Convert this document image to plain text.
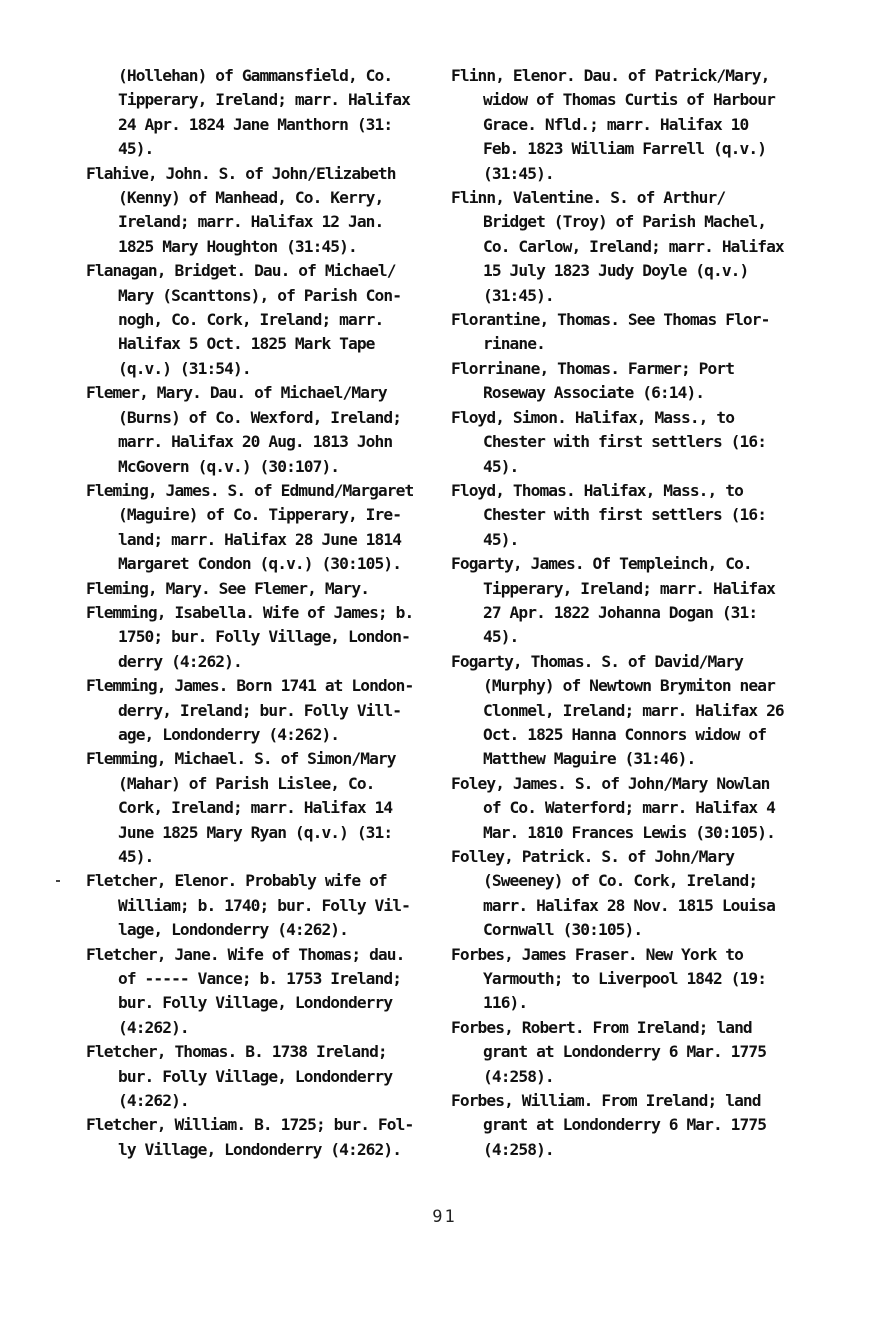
(Hollehan) of Gammansfield, Co.
Tipperary, Ireland; marr. Halifax
24 Apr. 1824 Jane Manthorn (31:
45).

Flahive, John. S. of John/Elizabeth
(Kenny) of Manhead, Co. Kerry,
Ireland; marr. Halifax 12 Jan.
1825 Mary Houghton (31:45).

Flanagan, Bridget. Dau. of Michael/
Mary (Scanttons), of Parish Con-
nogh, Co. Cork, Ireland; marr.
Halifax 5 Oct. 1825 Mark Tape
(q.v.) (31:54).

Flemer, Mary. Dau. of Michael/Mary
(Burns) of Co. Wexford, Ireland;
marr. Halifax 20 Aug. 1813 John
McGovern (q.v.) (30:107).

Fleming, James. S. of Edmund/Margaret
(Maguire) of Co. Tipperary, Ire-
land; marr. Halifax 28 June 1814
Margaret Condon (q.v.) (30:105).

Fleming, Mary. See Flemer, Mary.

Flemming, Isabella. Wife of James; b.
1750; bur. Folly Village, London-
derry (4:262).

Flemming, James. Born 1741 at London-
derry, Ireland; bur. Folly Vill-
age, Londonderry (4:262).

Flemming, Michael. S. of Simon/Mary
(Mahar) of Parish Lislee, Co.
Cork, Ireland; marr. Halifax 14
June 1825 Mary Ryan (q.v.) (31:
45).

Fletcher, Elenor. Probably wife of
William; b. 1740; bur. Folly Vil-
lage, Londonderry (4:262).

Fletcher, Jane. Wife of Thomas; dau.
of ----- Vance; b. 1753 Ireland;
bur. Folly Village, Londonderry
(4:262).

Fletcher, Thomas. B. 1738 Ireland;
bur. Folly Village, Londonderry
(4:262).

Fletcher, William. B. 1725; bur. Fol-
ly Village, Londonderry (4:262).

Flinn, Elenor. Dau. of Patrick/Mary,
widow of Thomas Curtis of Harbour
Grace. Nfld.; marr. Halifax 10
Feb. 1823 William Farrell (q.v.)
(31:45).

Flinn, Valentine. S. of Arthur/
Bridget (Troy) of Parish Machel,
Co. Carlow, Ireland; marr. Halifax
15 July 1823 Judy Doyle (q.v.)
(31:45).

Florantine, Thomas. See Thomas Flor-
rinane.

Florrinane, Thomas. Farmer; Port
Roseway Associate (6:14).

Floyd, Simon. Halifax, Mass., to
Chester with first settlers (16:
45).

Floyd, Thomas. Halifax, Mass., to
Chester with first settlers (16:
45).

Fogarty, James. Of Templeinch, Co.
Tipperary, Ireland; marr. Halifax
27 Apr. 1822 Johanna Dogan (31:
45).

Fogarty, Thomas. S. of David/Mary
(Murphy) of Newtown Brymiton near
Clonmel, Ireland; marr. Halifax 26
Oct. 1825 Hanna Connors widow of
Matthew Maguire (31:46).

Foley, James. S. of John/Mary Nowlan
of Co. Waterford; marr. Halifax 4
Mar. 1810 Frances Lewis (30:105).

Folley, Patrick. S. of John/Mary
(Sweeney) of Co. Cork, Ireland;
marr. Halifax 28 Nov. 1815 Louisa
Cornwall (30:105).

Forbes, James Fraser. New York to
Yarmouth; to Liverpool 1842 (19:
116).

Forbes, Robert. From Ireland; land
grant at Londonderry 6 Mar. 1775
(4:258).

Forbes, William. From Ireland; land
grant at Londonderry 6 Mar. 1775
(4:258).

91
